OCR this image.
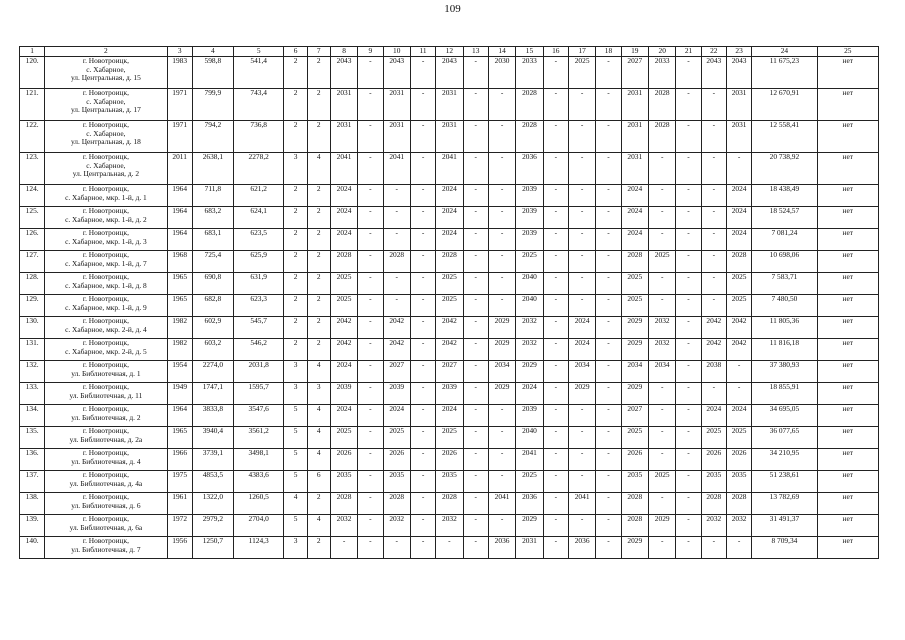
109
1	2	3	4	5	6	7	8	9	10	11	12	13	14	15	16	17	18	19	20	21	22	23	24	25
120.	г. Новотроицк,
с. Хабарное,
ул. Центральная, д. 15	1983	598,8	541,4	2	2	2043	-	2043	-	2043	-	2030	2033	-	2025	-	2027	2033	-	2043	2043	11 675,23	нет
121.	г. Новотроицк,
с. Хабарное,
ул. Центральная, д. 17	1971	799,9	743,4	2	2	2031	-	2031	-	2031	-	-	2028	-	-	-	2031	2028	-	-	2031	12 670,91	нет
122.	г. Новотроицк,
с. Хабарное,
ул. Центральная, д. 18	1971	794,2	736,8	2	2	2031	-	2031	-	2031	-	-	2028	-	-	-	2031	2028	-	-	2031	12 558,41	нет
123.	г. Новотроицк,
с. Хабарное,
ул. Центральная, д. 2	2011	2638,1	2278,2	3	4	2041	-	2041	-	2041	-	-	2036	-	-	-	2031	-	-	-	-	20 738,92	нет
124.	г. Новотроицк,
с. Хабарное, мкр. 1-й, д. 1	1964	711,8	621,2	2	2	2024	-	-	-	2024	-	-	2039	-	-	-	2024	-	-	-	2024	18 438,49	нет
125.	г. Новотроицк,
с. Хабарное, мкр. 1-й, д. 2	1964	683,2	624,1	2	2	2024	-	-	-	2024	-	-	2039	-	-	-	2024	-	-	-	2024	18 524,57	нет
126.	г. Новотроицк,
с. Хабарное, мкр. 1-й, д. 3	1964	683,1	623,5	2	2	2024	-	-	-	2024	-	-	2039	-	-	-	2024	-	-	-	2024	7 081,24	нет
127.	г. Новотроицк,
с. Хабарное, мкр. 1-й, д. 7	1968	725,4	625,9	2	2	2028	-	2028	-	2028	-	-	2025	-	-	-	2028	2025	-	-	2028	10 698,06	нет
128.	г. Новотроицк,
с. Хабарное, мкр. 1-й, д. 8	1965	690,8	631,9	2	2	2025	-	-	-	2025	-	-	2040	-	-	-	2025	-	-	-	2025	7 583,71	нет
129.	г. Новотроицк,
с. Хабарное, мкр. 1-й, д. 9	1965	682,8	623,3	2	2	2025	-	-	-	2025	-	-	2040	-	-	-	2025	-	-	-	2025	7 480,50	нет
130.	г. Новотроицк,
с. Хабарное, мкр. 2-й, д. 4	1982	602,9	545,7	2	2	2042	-	2042	-	2042	-	2029	2032	-	2024	-	2029	2032	-	2042	2042	11 805,36	нет
131.	г. Новотроицк,
с. Хабарное, мкр. 2-й, д. 5	1982	603,2	546,2	2	2	2042	-	2042	-	2042	-	2029	2032	-	2024	-	2029	2032	-	2042	2042	11 816,18	нет
132.	г. Новотроицк,
ул. Библиотечная, д. 1	1954	2274,0	2031,8	3	4	2024	-	2027	-	2027	-	2034	2029	-	2034	-	2034	2034	-	2038	-	37 380,93	нет
133.	г. Новотроицк,
ул. Библиотечная, д. 11	1949	1747,1	1595,7	3	3	2039	-	2039	-	2039	-	2029	2024	-	2029	-	2029	-	-	-	-	18 855,91	нет
134.	г. Новотроицк,
ул. Библиотечная, д. 2	1964	3833,8	3547,6	5	4	2024	-	2024	-	2024	-	-	2039	-	-	-	2027	-	-	2024	2024	34 695,05	нет
135.	г. Новотроицк,
ул. Библиотечная, д. 2а	1965	3940,4	3561,2	5	4	2025	-	2025	-	2025	-	-	2040	-	-	-	2025	-	-	2025	2025	36 077,65	нет
136.	г. Новотроицк,
ул. Библиотечная, д. 4	1966	3739,1	3498,1	5	4	2026	-	2026	-	2026	-	-	2041	-	-	-	2026	-	-	2026	2026	34 210,95	нет
137.	г. Новотроицк,
ул. Библиотечная, д. 4а	1975	4853,5	4383,6	5	6	2035	-	2035	-	2035	-	-	2025	-	-	-	2035	2025	-	2035	2035	51 238,61	нет
138.	г. Новотроицк,
ул. Библиотечная, д. 6	1961	1322,0	1260,5	4	2	2028	-	2028	-	2028	-	2041	2036	-	2041	-	2028	-	-	2028	2028	13 782,69	нет
139.	г. Новотроицк,
ул. Библиотечная, д. 6а	1972	2979,2	2704,0	5	4	2032	-	2032	-	2032	-	-	2029	-	-	-	2028	2029	-	2032	2032	31 491,37	нет
140.	г. Новотроицк,
ул. Библиотечная, д. 7	1956	1250,7	1124,3	3	2	-	-	-	-	-	-	2036	2031	-	2036	-	2029	-	-	-	-	8 709,34	нет
